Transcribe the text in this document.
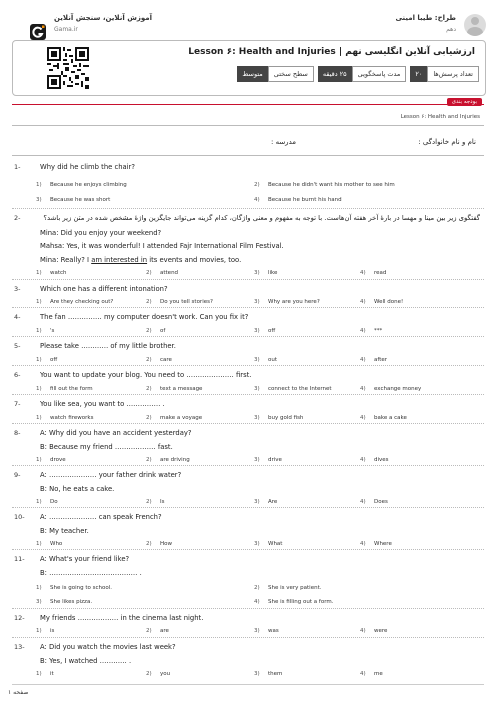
طراح: طیبا امینی
دهم
آموزش آنلاین، سنجش آنلاین
Gama.ir
ارزشیابی آنلاین انگلیسی نهم | Lesson ۶: Health and Injuries
تعداد پرسش‌ها
۲۰
مدت پاسخگویی
۲۵ دقیقه
سطح سختی
متوسط
بودجه بندی
Lesson ۶: Health and Injuries
نام و نام خانوادگی :
مدرسه :
صفحه ۱
1-	Why did he climb the chair?
1) Because he enjoys climbing	2) Because he didn't want his mother to see him
3) Because he was short	4) Because he burnt his hand
2-	گفتگوی زیر بین مینا و مهسا در بارهٔ آخر هفته آن‌هاست. با توجه به مفهوم و معنی واژگان، کدام گزینه می‌تواند جایگزین واژهٔ مشخص شده در متن زیر باشد؟
Mina: Did you enjoy your weekend?
Mahsa: Yes, it was wonderful! I attended Fajr International Film Festival.
Mina: Really? I am interested in its events and movies, too.
1) watch	2) attend	3) like	4) read
3-	Which one has a different intonation?
1) Are they checking out?	2) Do you tell stories?	3) Why are you here?	4) Well done!
4-	The fan …………… my computer doesn't work. Can you fix it?
1) 's	2) of	3) off	4) ***
5-	Please take ………… of my little brother.
1) off	2) care	3) out	4) after
6-	You want to update your blog. You need to ………………… first.
1) fill out the form	2) text a message	3) connect to the Internet	4) exchange money
7-	You like sea, you want to …………… .
1) watch fireworks	2) make a voyage	3) buy gold fish	4) bake a cake
8-	A: Why did you have an accident yesterday?
B: Because my friend ……………… fast.
1) drove	2) are driving	3) drive	4) dives
9-	A: ………………… your father drink water?
B: No, he eats a cake.
1) Do	2) Is	3) Are	4) Does
10-	A: ………………… can speak French?
B: My teacher.
1) Who	2) How	3) What	4) Where
11-	A: What's your friend like?
B: ………………………………… .
1) She is going to school.	2) She is very patient.
3) She likes pizza.	4) She is filling out a form.
12-	My friends ……………… in the cinema last night.
1) is	2) are	3) was	4) were
13-	A: Did you watch the movies last week?
B: Yes, I watched ………… .
1) it	2) you	3) them	4) me
